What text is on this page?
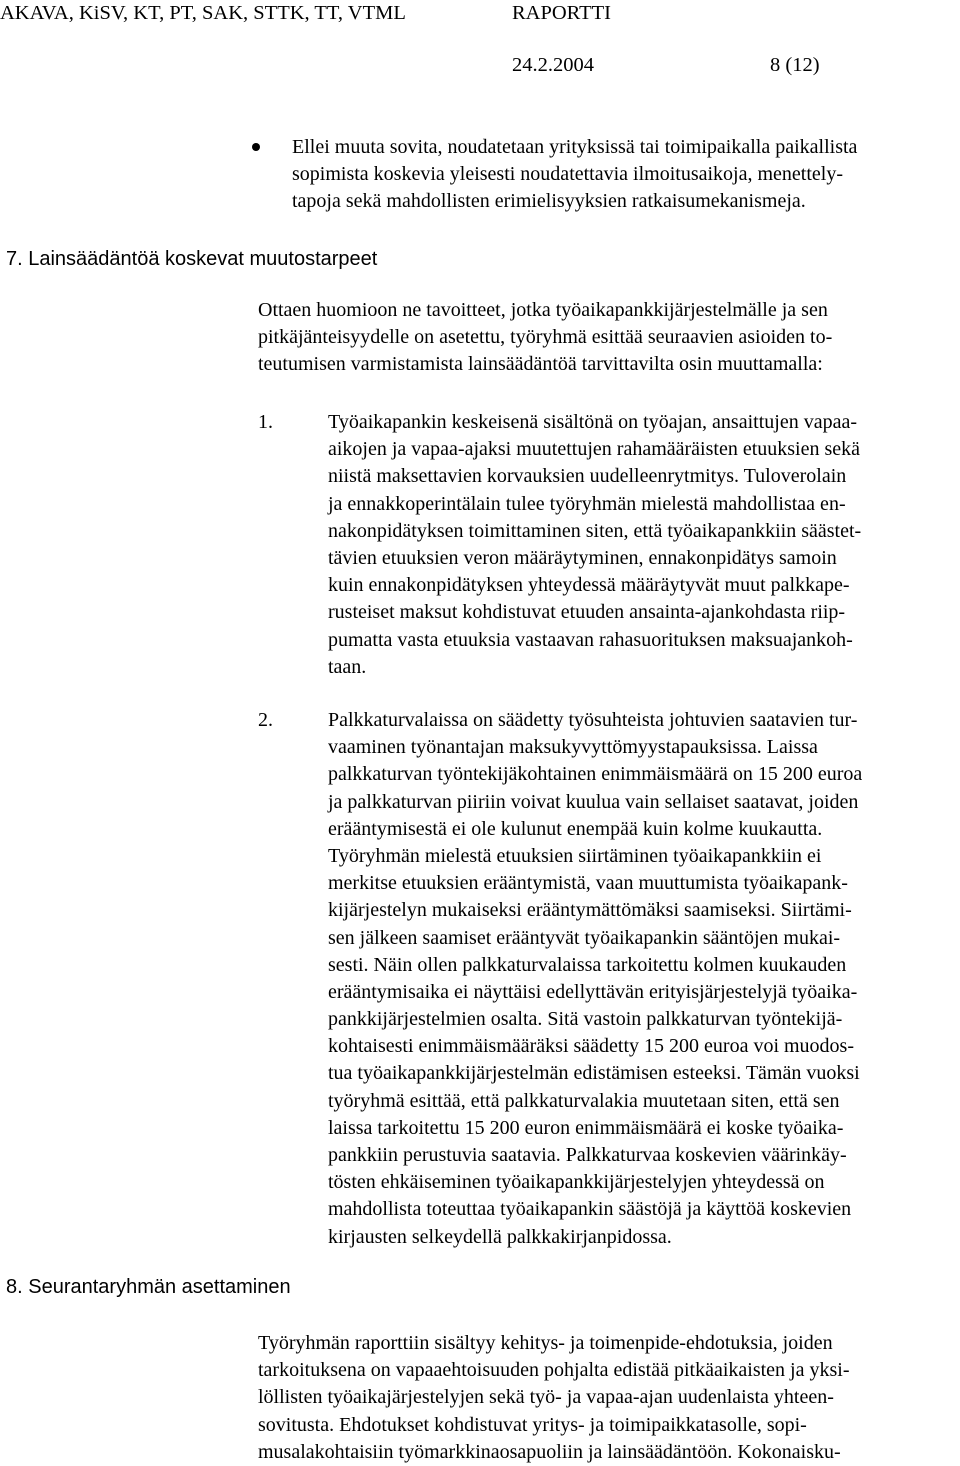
AKAVA, KiSV, KT, PT, SAK, STTK, TT, VTML	RAPORTTI
24.2.2004	8 (12)
Ellei muuta sovita, noudatetaan yrityksissä tai toimipaikalla paikallista
sopimista koskevia yleisesti noudatettavia ilmoitusaikoja, menettely-
tapoja sekä mahdollisten erimielisyyksien ratkaisumekanismeja.
7. Lainsäädäntöä koskevat muutostarpeet
Ottaen huomioon ne tavoitteet, jotka työaikapankkijärjestelmälle ja sen
pitkäjänteisyydelle on asetettu, työryhmä esittää seuraavien asioiden to-
teutumisen varmistamista lainsäädäntöä tarvittavilta osin muuttamalla:
1.	Työaikapankin keskeisenä sisältönä on työajan, ansaittujen vapaa-
aikojen ja vapaa-ajaksi muutettujen rahamääräisten etuuksien sekä
niistä maksettavien korvauksien uudelleenrytmitys. Tuloverolain
ja ennakkoperintälain tulee työryhmän mielestä mahdollistaa en-
nakonpidätyksen toimittaminen siten, että työaikapankkiin säästet-
tävien etuuksien veron määräytyminen, ennakonpidätys samoin
kuin ennakonpidätyksen yhteydessä määräytyvät muut palkkape-
rusteiset maksut kohdistuvat etuuden ansainta-ajankohdasta riip-
pumatta vasta etuuksia vastaavan rahasuorituksen maksuajankoh-
taan.
2.	Palkkaturvalaissa on säädetty työsuhteista johtuvien saatavien tur-
vaaminen työnantajan maksukyvyttömyystapauksissa. Laissa
palkkaturvan työntekijäkohtainen enimmäismäärä on 15 200 euroa
ja palkkaturvan piiriin voivat kuulua vain sellaiset saatavat, joiden
erääntymisestä ei ole kulunut enempää kuin kolme kuukautta.
Työryhmän mielestä etuuksien siirtäminen työaikapankkiin ei
merkitse etuuksien erääntymistä, vaan muuttumista työaikapank-
kijärjestelyn mukaiseksi erääntymättömäksi saamiseksi. Siirtämi-
sen jälkeen saamiset erääntyvät työaikapankin sääntöjen mukai-
sesti. Näin ollen palkkaturvalaissa tarkoitettu kolmen kuukauden
erääntymisaika ei näyttäisi edellyttävän erityisjärjestelyjä työaika-
pankkijärjestelmien osalta. Sitä vastoin palkkaturvan työntekijä-
kohtaisesti enimmäismääräksi säädetty 15 200 euroa voi muodos-
tua työaikapankkijärjestelmän edistämisen esteeksi. Tämän vuoksi
työryhmä esittää, että palkkaturvalakia muutetaan siten, että sen
laissa tarkoitettu 15 200 euron enimmäismäärä ei koske työaika-
pankkiin perustuvia saatavia. Palkkaturvaa koskevien väärinkäy-
tösten ehkäiseminen työaikapankkijärjestelyjen yhteydessä on
mahdollista toteuttaa työaikapankin säästöjä ja käyttöä koskevien
kirjausten selkeydellä palkkakirjanpidossa.
8. Seurantaryhmän asettaminen
Työryhmän raporttiin sisältyy kehitys- ja toimenpide-ehdotuksia, joiden
tarkoituksena on vapaaehtoisuuden pohjalta edistää pitkäaikaisten ja yksi-
löllisten työaikajärjestelyjen sekä työ- ja vapaa-ajan uudenlaista yhteen-
sovitusta. Ehdotukset kohdistuvat yritys- ja toimipaikkatasolle, sopi-
musalakohtaisiin työmarkkinaosapuoliin ja lainsäädäntöön. Kokonaisku-
